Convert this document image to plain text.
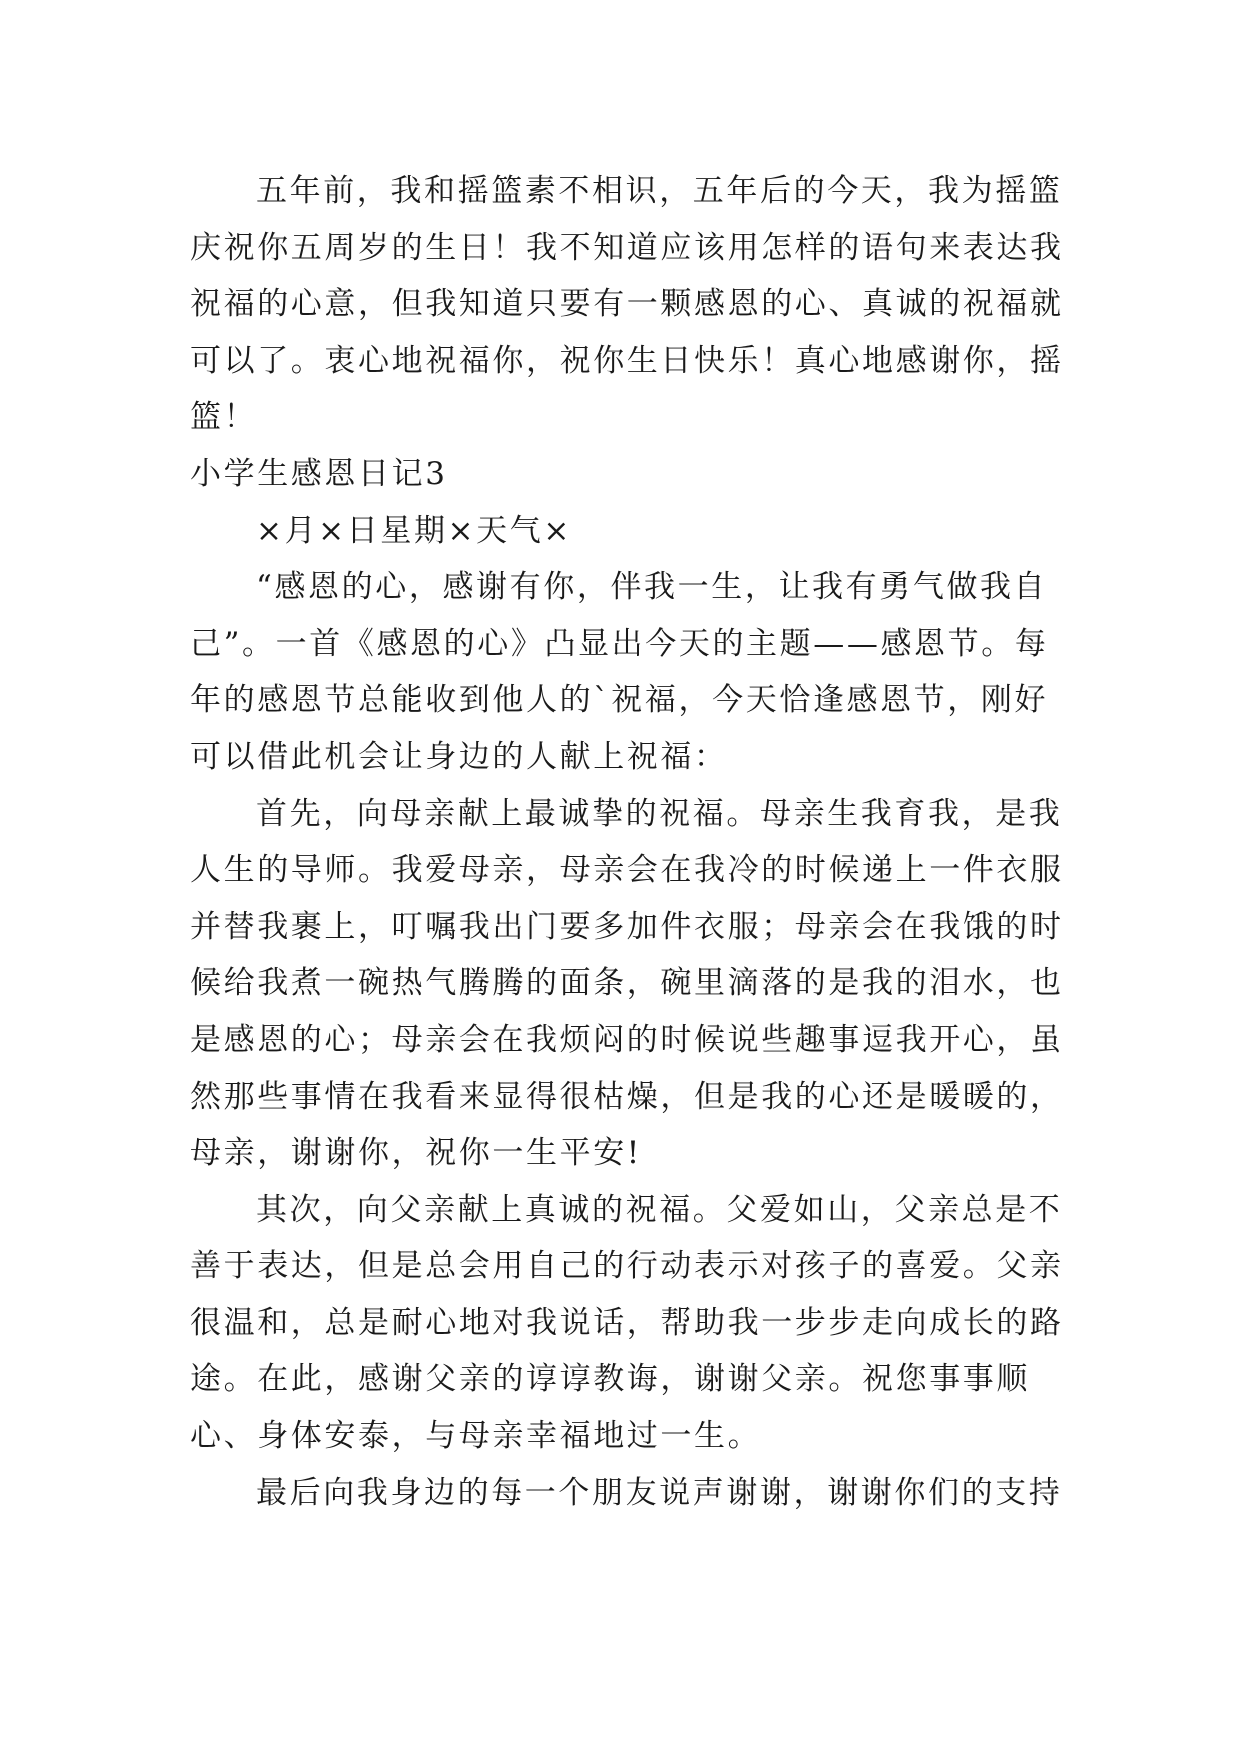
五年前，我和摇篮素不相识，五年后的今天，我为摇篮庆祝你五周岁的生日！我不知道应该用怎样的语句来表达我祝福的心意，但我知道只要有一颗感恩的心、真诚的祝福就可以了。衷心地祝福你，祝你生日快乐！真心地感谢你，摇篮！

小学生感恩日记3

×月×日星期×天气×

“感恩的心，感谢有你，伴我一生，让我有勇气做我自己”。一首《感恩的心》凸显出今天的主题——感恩节。每年的感恩节总能收到他人的`祝福，今天恰逢感恩节，刚好可以借此机会让身边的人献上祝福：

首先，向母亲献上最诚挚的祝福。母亲生我育我，是我人生的导师。我爱母亲，母亲会在我冷的时候递上一件衣服并替我裹上，叮嘱我出门要多加件衣服；母亲会在我饿的时候给我煮一碗热气腾腾的面条，碗里滴落的是我的泪水，也是感恩的心；母亲会在我烦闷的时候说些趣事逗我开心，虽然那些事情在我看来显得很枯燥，但是我的心还是暖暖的，母亲，谢谢你，祝你一生平安!

其次，向父亲献上真诚的祝福。父爱如山，父亲总是不善于表达，但是总会用自己的行动表示对孩子的喜爱。父亲很温和，总是耐心地对我说话，帮助我一步步走向成长的路途。在此，感谢父亲的谆谆教诲，谢谢父亲。祝您事事顺心、身体安泰，与母亲幸福地过一生。

最后向我身边的每一个朋友说声谢谢，谢谢你们的支持
